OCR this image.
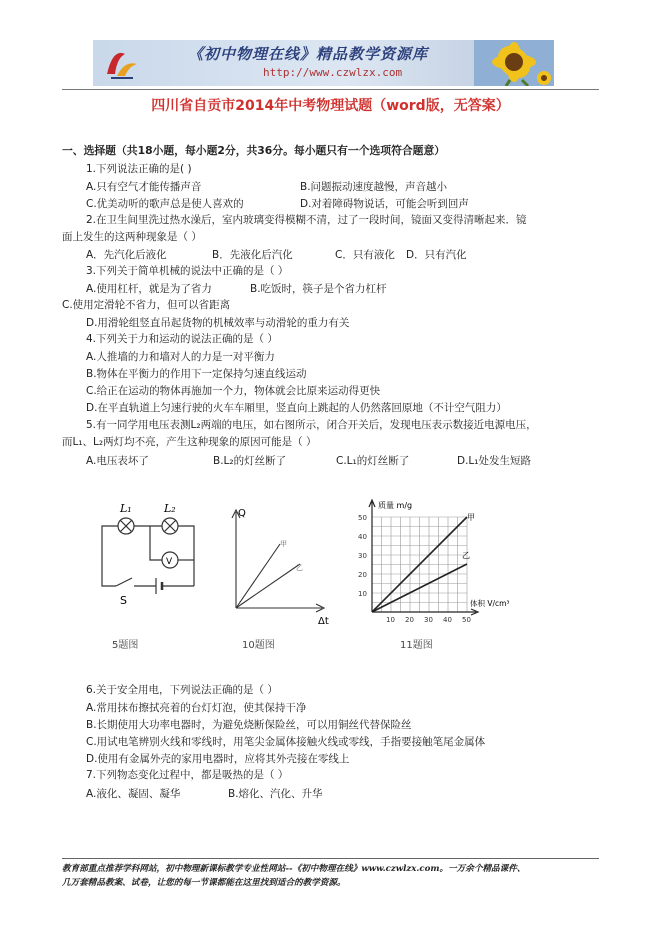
《初中物理在线》精品教学资源库
http://www.czwlzx.com
四川省自贡市2014年中考物理试题（word版，无答案）
一、选择题（共18小题，每小题2分，共36分。每小题只有一个选项符合题意）
1.下列说法正确的是( )
A.只有空气才能传播声音	B.问题振动速度越慢，声音越小
C.优美动听的歌声总是使人喜欢的	D.对着障碍物说话，可能会听到回声
2.在卫生间里洗过热水澡后，室内玻璃变得模糊不清，过了一段时间，镜面又变得清晰起来．镜
面上发生的这两种现象是（ ）
A．先汽化后液化	B．先液化后汽化	C．只有液化 D．只有汽化
3.下列关于简单机械的说法中正确的是（ ）
A.使用杠杆，就是为了省力	B.吃饭时，筷子是个省力杠杆
C.使用定滑轮不省力，但可以省距离
D.用滑轮组竖直吊起货物的机械效率与动滑轮的重力有关
4.下列关于力和运动的说法正确的是（ ）
A.人推墙的力和墙对人的力是一对平衡力
B.物体在平衡力的作用下一定保持匀速直线运动
C.给正在运动的物体再施加一个力，物体就会比原来运动得更快
D.在平直轨道上匀速行驶的火车车厢里，竖直向上跳起的人仍然落回原地（不计空气阻力）
5.有一同学用电压表测L₂两端的电压，如右图所示，闭合开关后，发现电压表示数接近电源电压，
而L₁、L₂两灯均不亮，产生这种现象的原因可能是（ ）
A.电压表坏了	B.L₂的灯丝断了	C.L₁的灯丝断了	D.L₁处发生短路
V
L₁	L₂
S
5题图
Q
Δt
甲
乙
10题图
10
20
30
40
50
10 20 30 40 50
质量 m/g
体积 V/cm³
甲
乙
11题图
6.关于安全用电，下列说法正确的是（ ）
A.常用抹布擦拭亮着的台灯灯泡，使其保持干净
B.长期使用大功率电器时，为避免烧断保险丝，可以用铜丝代替保险丝
C.用试电笔辨别火线和零线时，用笔尖金属体接触火线或零线，手指要接触笔尾金属体
D.使用有金属外壳的家用电器时，应将其外壳接在零线上
7.下列物态变化过程中，都是吸热的是（ ）
A.液化、凝固、凝华	B.熔化、汽化、升华
教育部重点推荐学科网站，初中物理新课标教学专业性网站--《初中物理在线》www.czwlzx.com。一万余个精品课件、
几万套精品教案、试卷，让您的每一节课都能在这里找到适合的教学资源。
